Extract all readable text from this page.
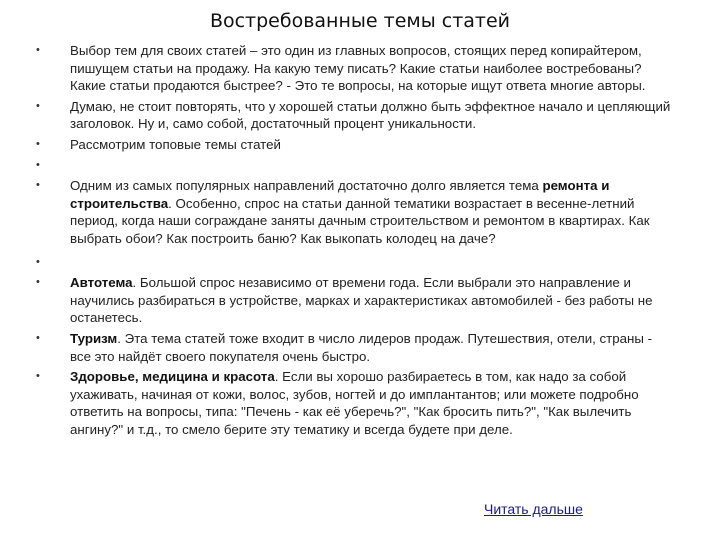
Востребованные темы статей
•	Выбор тем для своих статей – это один из главных вопросов, стоящих перед копирайтером, пишущем статьи на продажу. На какую тему писать? Какие статьи наиболее востребованы? Какие статьи продаются быстрее? - Это те вопросы, на которые ищут ответа многие авторы.
•	Думаю, не стоит повторять, что у хорошей статьи должно быть эффектное начало и цепляющий заголовок. Ну и, само собой, достаточный процент уникальности.
•	Рассмотрим топовые темы статей
•
•	Одним из самых популярных направлений достаточно долго является тема ремонта и строительства. Особенно, спрос на статьи данной тематики возрастает в весенне-летний период, когда наши сограждане заняты дачным строительством и ремонтом в квартирах. Как выбрать обои? Как построить баню? Как выкопать колодец на даче?
•
•	Автотема. Большой спрос независимо от времени года. Если выбрали это направление и научились разбираться в устройстве, марках и характеристиках автомобилей - без работы не останетесь.
•	Туризм. Эта тема статей тоже входит в число лидеров продаж. Путешествия, отели, страны - все это найдёт своего покупателя очень быстро.
•	Здоровье, медицина и красота. Если вы хорошо разбираетесь в том, как надо за собой ухаживать, начиная от кожи, волос, зубов, ногтей и до имплантантов; или можете подробно ответить на вопросы, типа: "Печень - как её уберечь?", "Как бросить пить?", "Как вылечить ангину?" и т.д., то смело берите эту тематику и всегда будете при деле.
Читать дальше
